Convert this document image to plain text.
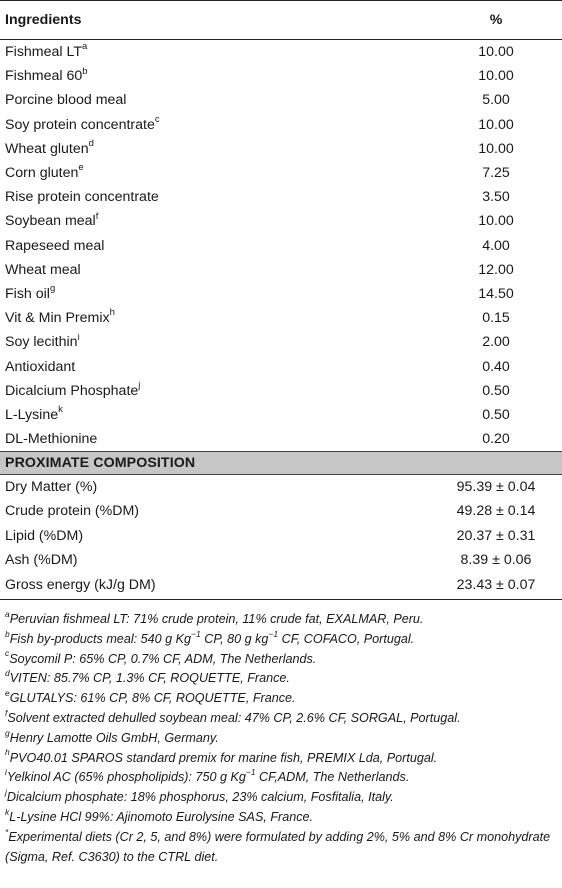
Ingredients	%
Fishmeal $LT^a$	10.00
Fishmeal 60$^b$	10.00
Porcine blood meal	5.00
Soy protein concentrate$^c$	10.00
Wheat gluten$^d$	10.00
Corn gluten$^e$	7.25
Rise protein concentrate	3.50
Soybean meal$^f$	10.00
Rapeseed meal	4.00
Wheat meal	12.00
Fish oil$^g$	14.50
Vit & Min Premix$^h$	0.15
Soy lecithin$^i$	2.00
Antioxidant	0.40
Dicalcium Phosphate$^j$	0.50
L-Lysine$^k$	0.50
DL-Methionine	0.20
PROXIMATE COMPOSITION	
Dry Matter (%)	95.39 ± 0.04
Crude protein (%DM)	49.28 ± 0.14
Lipid (%DM)	20.37 ± 0.31
Ash (%DM)	8.39 ± 0.06
Gross energy (kJ/g DM)	23.43 ± 0.07
$^a$Peruvian fishmeal LT: 71% crude protein, 11% crude fat, EXALMAR, Peru.
$^b$Fish by-products meal: 540 g $Kg^{-1}$ CP, 80 g $kg^{-1}$ CF, COFACO, Portugal.
$^c$Soycomil P: 65% CP, 0.7% CF, ADM, The Netherlands.
$^d$VITEN: 85.7% CP, 1.3% CF, ROQUETTE, France.
$^e$GLUTALYS: 61% CP, 8% CF, ROQUETTE, France.
$^f$Solvent extracted dehulled soybean meal: 47% CP, 2.6% CF, SORGAL, Portugal.
$^g$Henry Lamotte Oils GmbH, Germany.
$^h$PVO40.01 SPAROS standard premix for marine fish, PREMIX Lda, Portugal.
$^i$Yelkinol AC (65% phospholipids): 750 g $Kg^{-1}$ CF,ADM, The Netherlands.
$^j$Dicalcium phosphate: 18% phosphorus, 23% calcium, Fosfitalia, Italy.
$^k$L-Lysine HCl 99%: Ajinomoto Eurolysine SAS, France.
*Experimental diets (Cr 2, 5, and 8%) were formulated by adding 2%, 5% and 8% Cr monohydrate (Sigma, Ref. C3630) to the CTRL diet.
